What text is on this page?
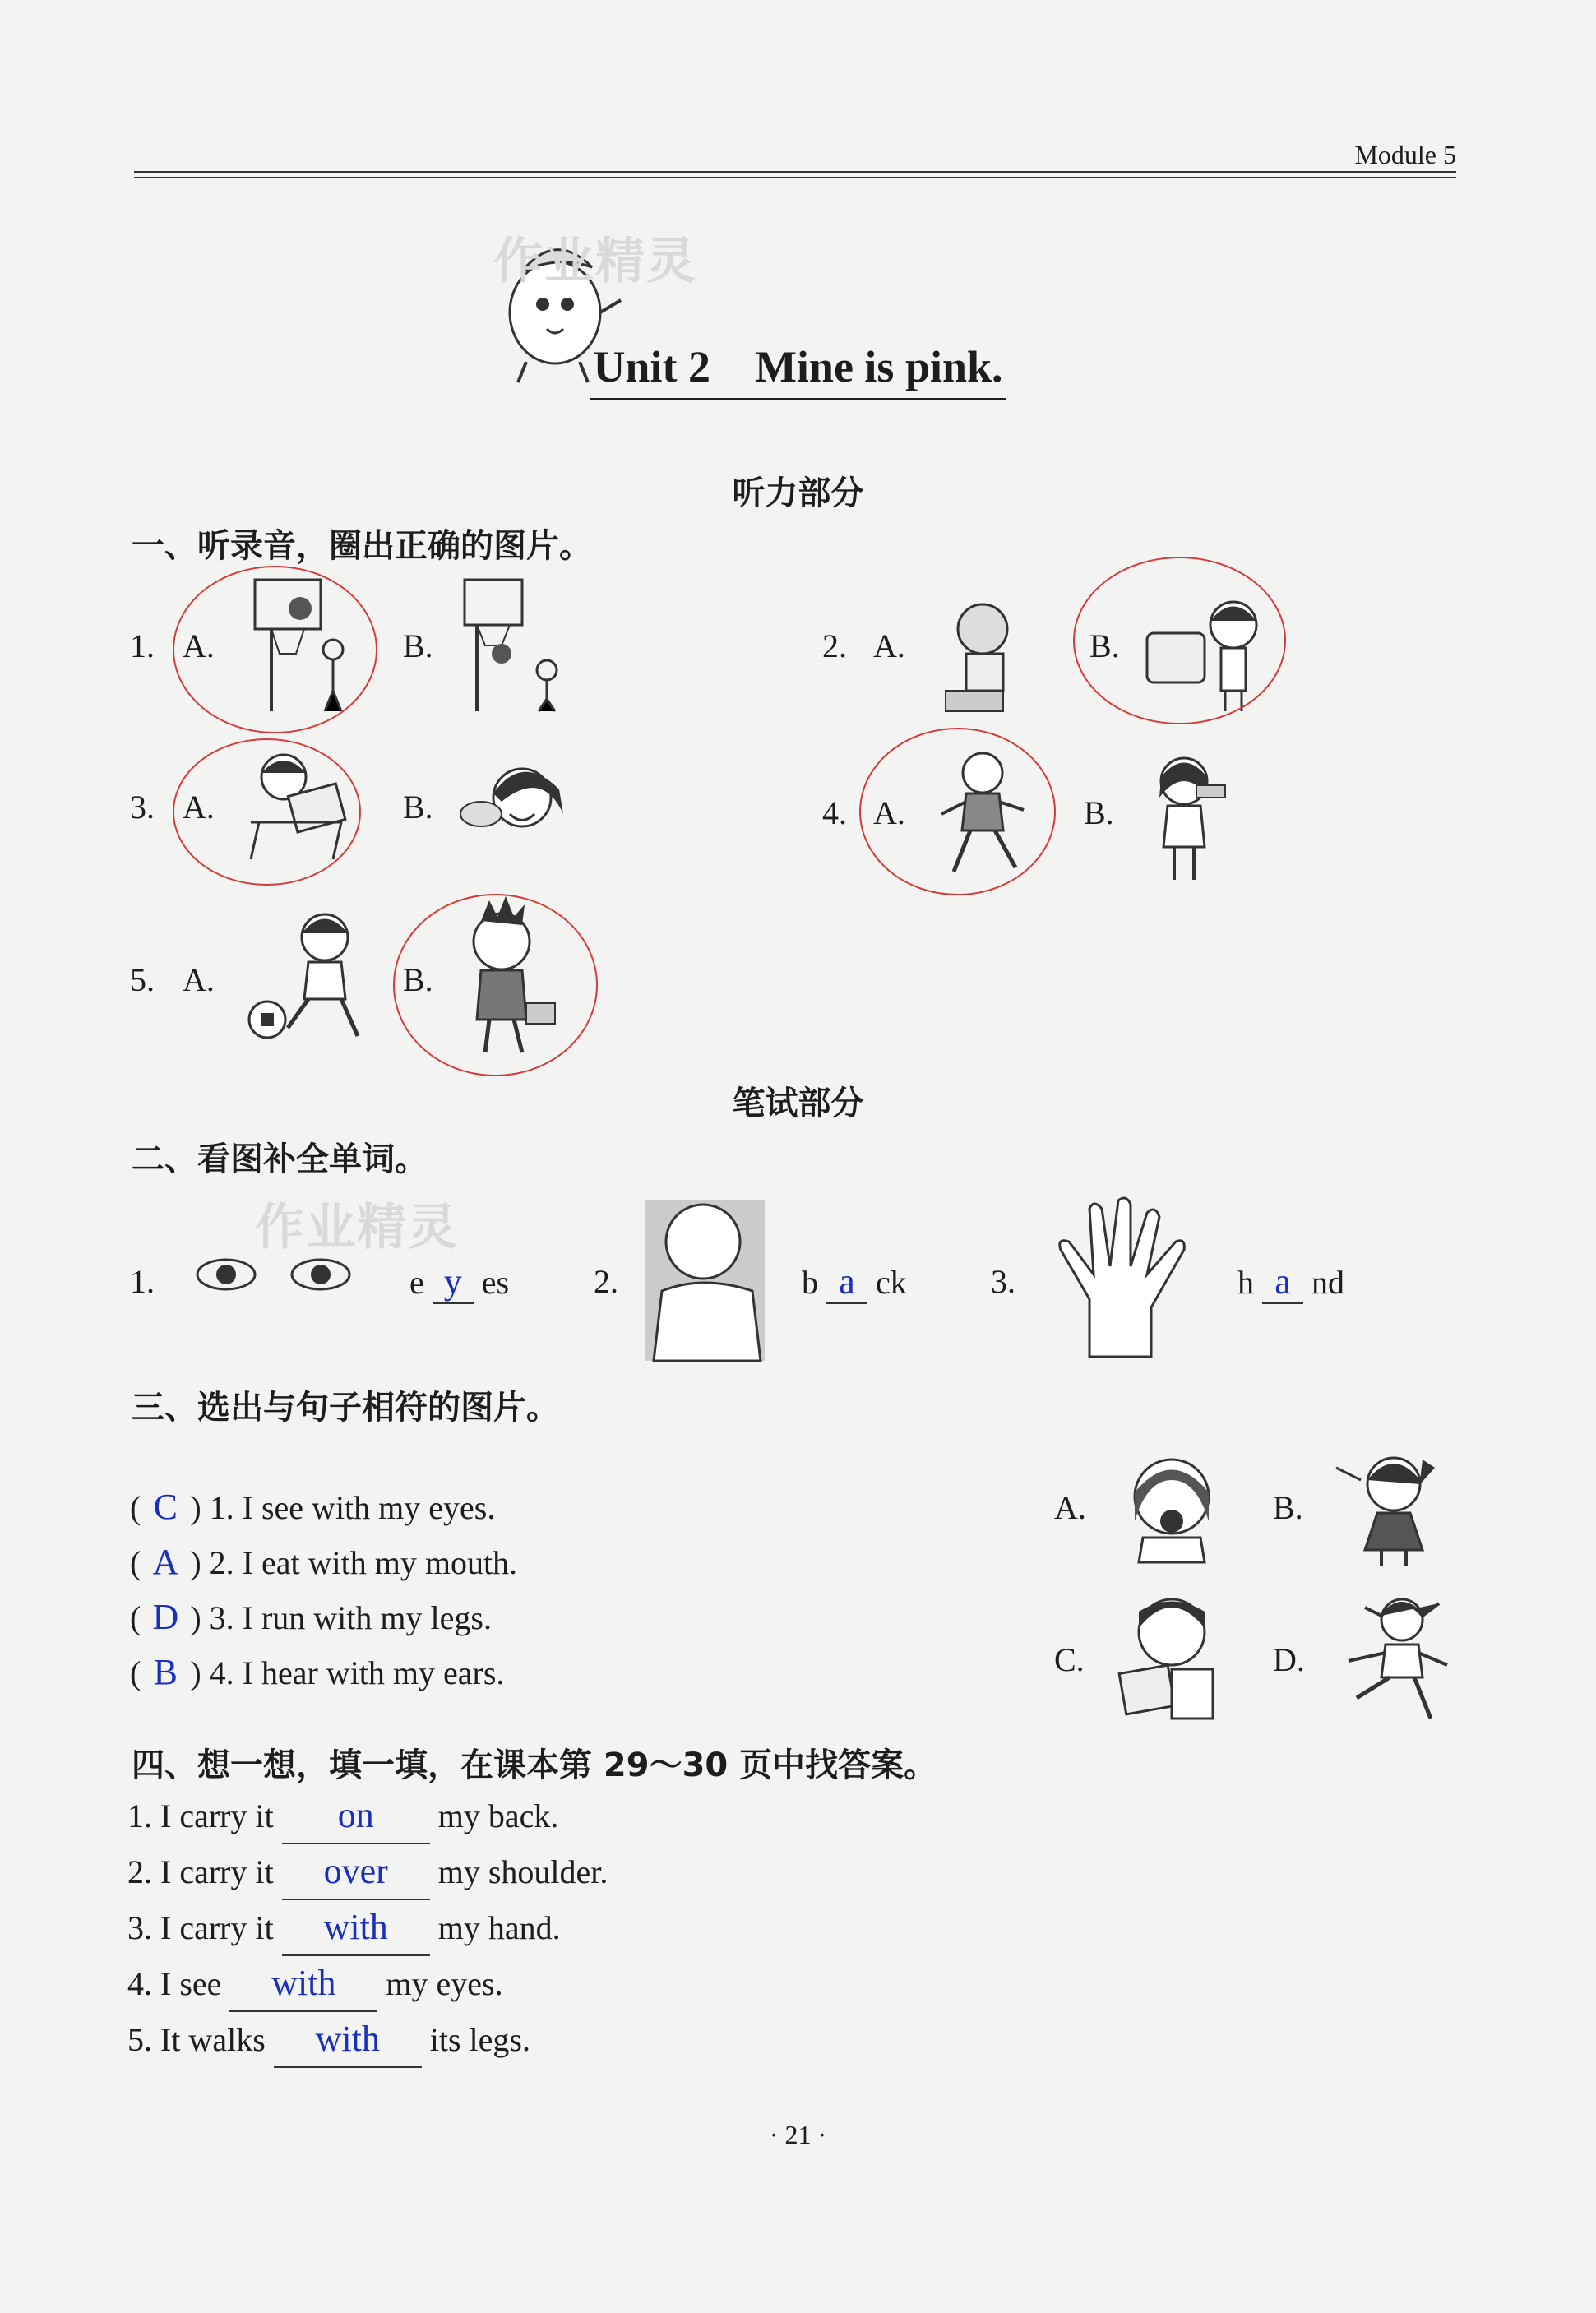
Module 5
作业精灵
Unit 2    Mine is pink.
听力部分
一、听录音，圈出正确的图片。
1. A.	B.	2. A.	B.
3. A.	B.	4. A.	B.
5. A.	B.
笔试部分
二、看图补全单词。
作业精灵
1.	e y es	2.	b a ck	3.	h a nd
三、选出与句子相符的图片。
( C ) 1. I see with my eyes.
( A ) 2. I eat with my mouth.
( D ) 3. I run with my legs.
( B ) 4. I hear with my ears.
A.	B.
C.	D.
四、想一想，填一填，在课本第 29～30 页中找答案。
1. I carry it on my back.
2. I carry it over my shoulder.
3. I carry it with my hand.
4. I see with my eyes.
5. It walks with its legs.
· 21 ·
